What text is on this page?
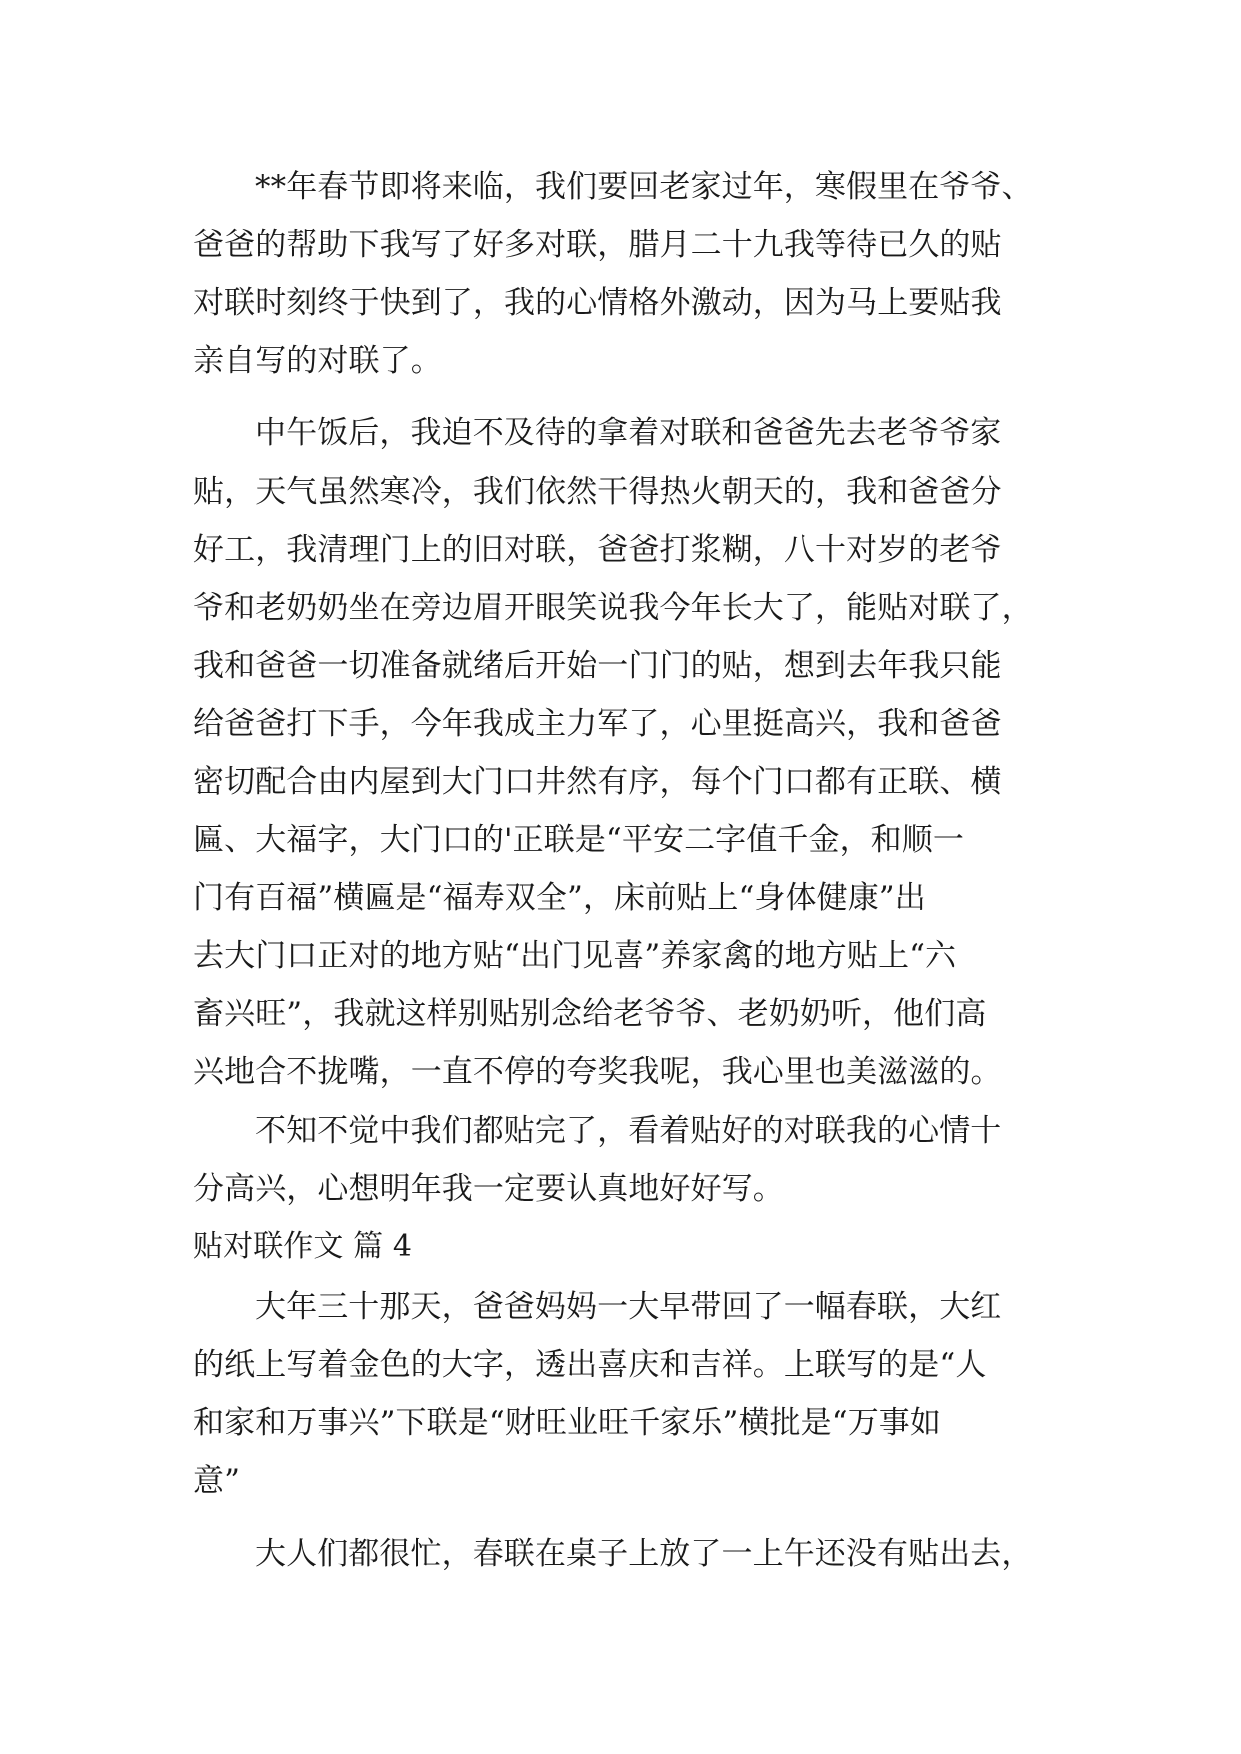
**年春节即将来临，我们要回老家过年，寒假里在爷爷、
爸爸的帮助下我写了好多对联，腊月二十九我等待已久的贴
对联时刻终于快到了，我的心情格外激动，因为马上要贴我
亲自写的对联了。
中午饭后，我迫不及待的拿着对联和爸爸先去老爷爷家
贴，天气虽然寒冷，我们依然干得热火朝天的，我和爸爸分
好工，我清理门上的旧对联，爸爸打浆糊，八十对岁的老爷
爷和老奶奶坐在旁边眉开眼笑说我今年长大了，能贴对联了，
我和爸爸一切准备就绪后开始一门门的贴，想到去年我只能
给爸爸打下手，今年我成主力军了，心里挺高兴，我和爸爸
密切配合由内屋到大门口井然有序，每个门口都有正联、横
匾、大福字，大门口的'正联是“平安二字值千金，和顺一
门有百福”横匾是“福寿双全”，床前贴上“身体健康”出
去大门口正对的地方贴“出门见喜”养家禽的地方贴上“六
畜兴旺”，我就这样别贴别念给老爷爷、老奶奶听，他们高
兴地合不拢嘴，一直不停的夸奖我呢，我心里也美滋滋的。
不知不觉中我们都贴完了，看着贴好的对联我的心情十
分高兴，心想明年我一定要认真地好好写。
贴对联作文 篇 4
大年三十那天，爸爸妈妈一大早带回了一幅春联，大红
的纸上写着金色的大字，透出喜庆和吉祥。上联写的是“人
和家和万事兴”下联是“财旺业旺千家乐”横批是“万事如
意”
大人们都很忙，春联在桌子上放了一上午还没有贴出去，
